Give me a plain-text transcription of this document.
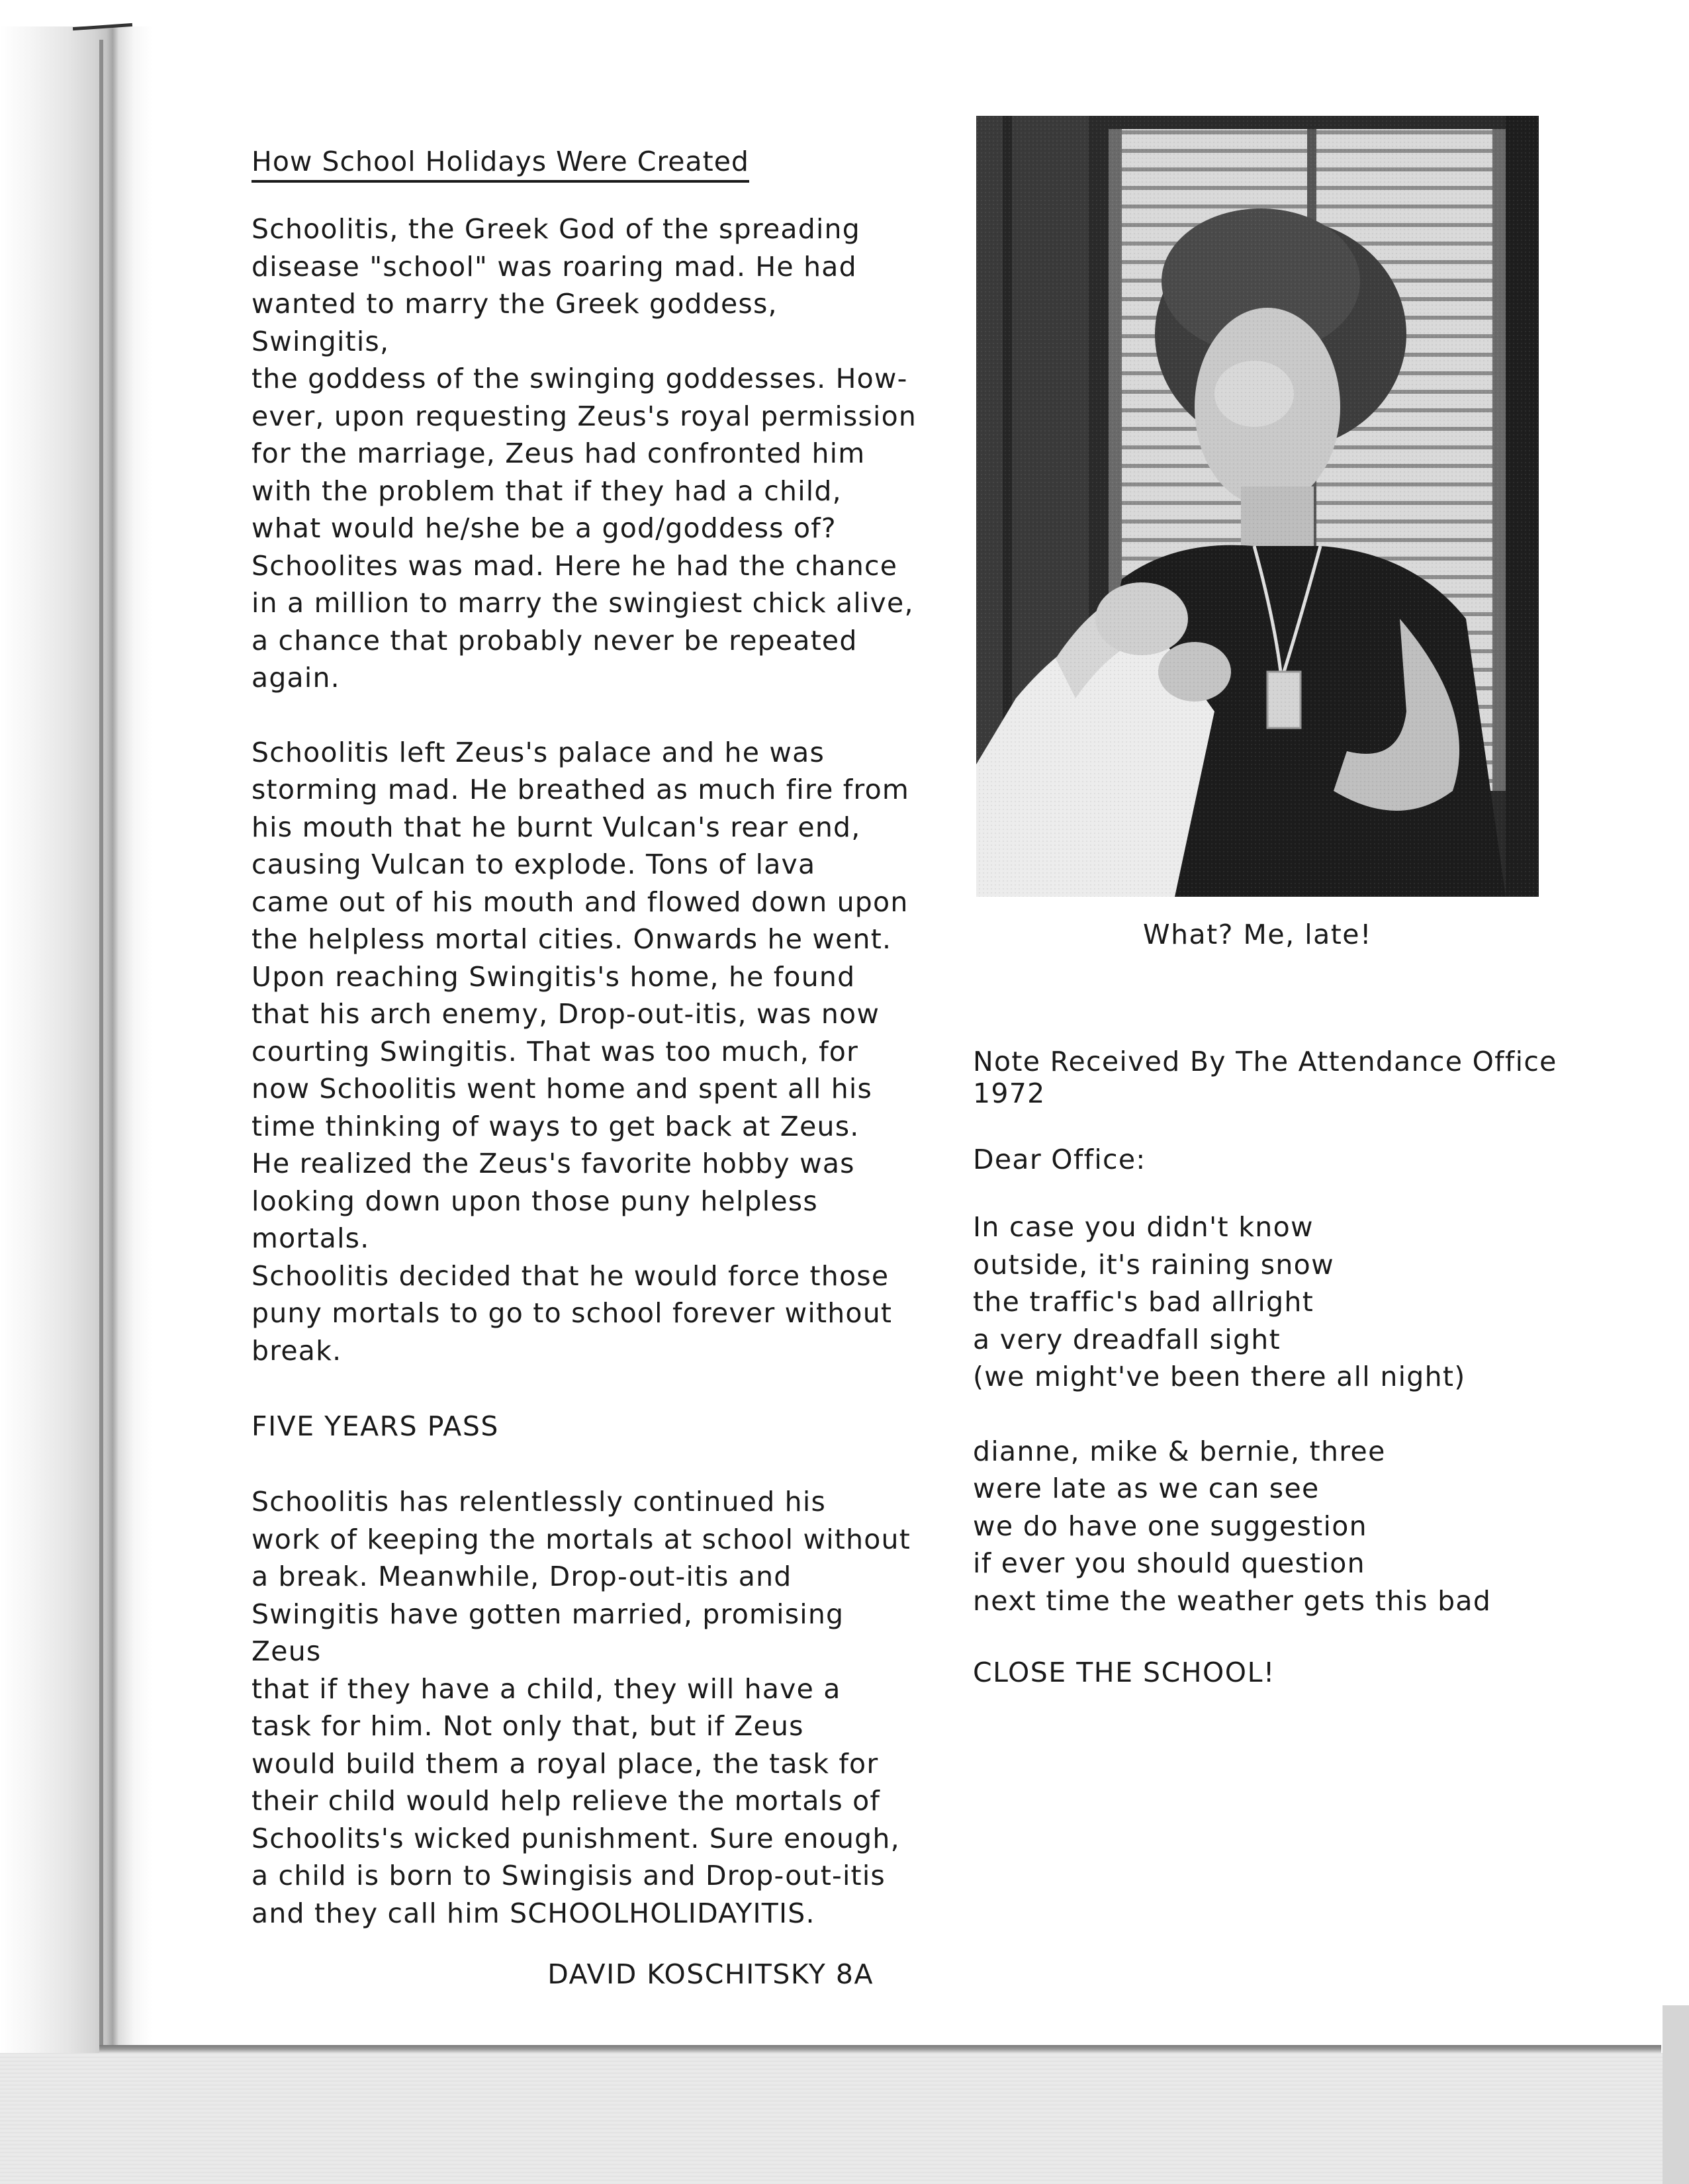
How School Holidays Were Created

Schoolitis, the Greek God of the spreading
disease "school" was roaring mad. He had
wanted to marry the Greek goddess, Swingitis,
the goddess of the swinging goddesses. How-
ever, upon requesting Zeus's royal permission
for the marriage, Zeus had confronted him
with the problem that if they had a child,
what would he/she be a god/goddess of?
Schoolites was mad. Here he had the chance
in a million to marry the swingiest chick alive,
a chance that probably never be repeated
again.

Schoolitis left Zeus's palace and he was
storming mad. He breathed as much fire from
his mouth that he burnt Vulcan's rear end,
causing Vulcan to explode. Tons of lava
came out of his mouth and flowed down upon
the helpless mortal cities. Onwards he went.
Upon reaching Swingitis's home, he found
that his arch enemy, Drop-out-itis, was now
courting Swingitis. That was too much, for
now Schoolitis went home and spent all his
time thinking of ways to get back at Zeus.
He realized the Zeus's favorite hobby was
looking down upon those puny helpless mortals.
Schoolitis decided that he would force those
puny mortals to go to school forever without
break.

FIVE YEARS PASS

Schoolitis has relentlessly continued his
work of keeping the mortals at school without
a break. Meanwhile, Drop-out-itis and
Swingitis have gotten married, promising Zeus
that if they have a child, they will have a
task for him. Not only that, but if Zeus
would build them a royal place, the task for
their child would help relieve the mortals of
Schoolits's wicked punishment. Sure enough,
a child is born to Swingisis and Drop-out-itis
and they call him SCHOOLHOLIDAYITIS.

DAVID KOSCHITSKY 8A
What? Me, late!
Note Received By The Attendance Office 1972
Dear Office:

In case you didn't know
outside, it's raining snow
the traffic's bad allright
a very dreadfall sight
(we might've been there all night)

dianne, mike & bernie, three
were late as we can see
we do have one suggestion
if ever you should question
next time the weather gets this bad

CLOSE THE SCHOOL!
